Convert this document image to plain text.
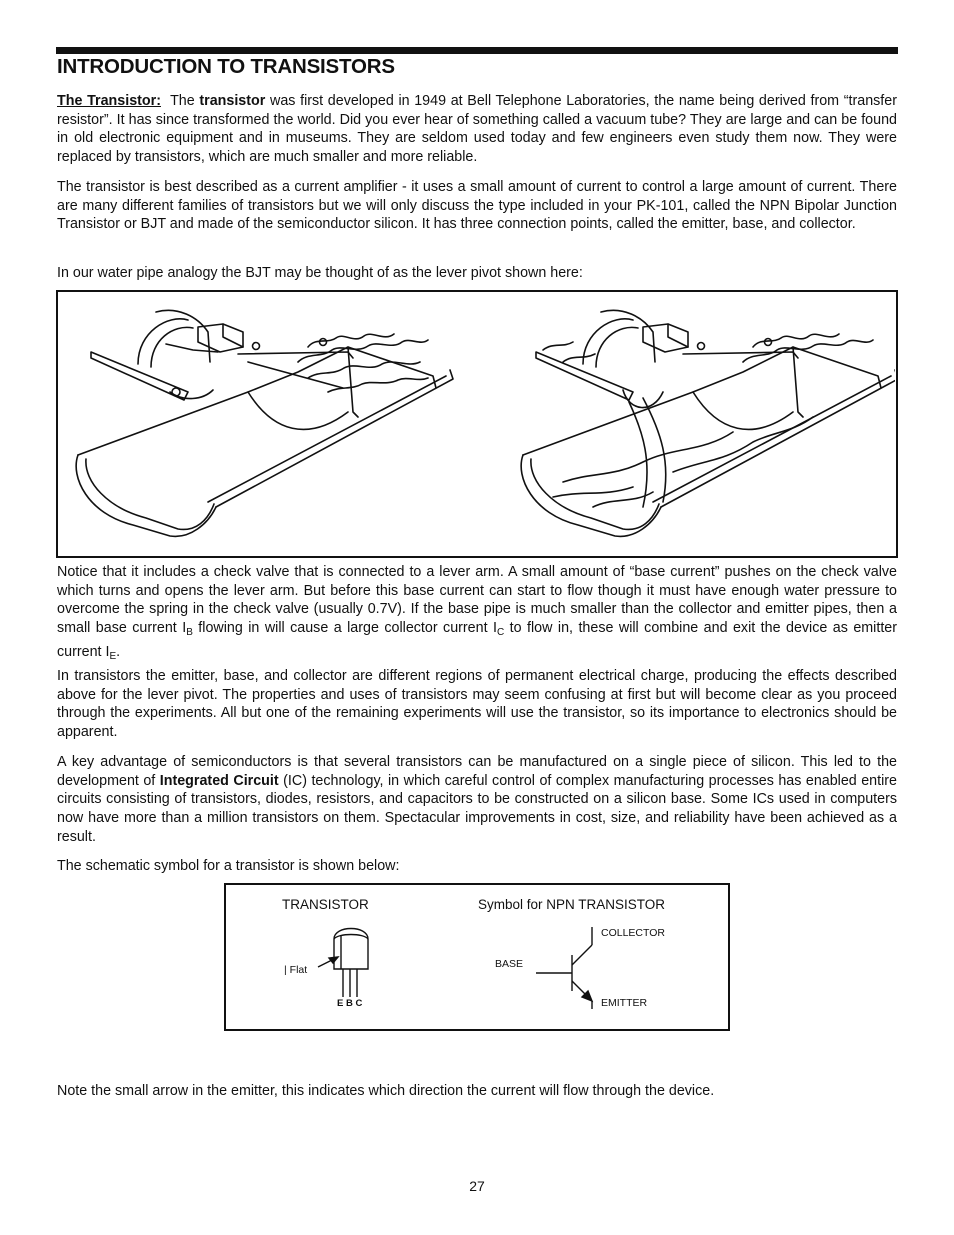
INTRODUCTION TO TRANSISTORS

The Transistor: The transistor was first developed in 1949 at Bell Telephone Laboratories, the name being derived from “transfer resistor”. It has since transformed the world. Did you ever hear of something called a vacuum tube? They are large and can be found in old electronic equipment and in museums. They are seldom used today and few engineers even study them now. They were replaced by transistors, which are much smaller and more reliable.

The transistor is best described as a current amplifier - it uses a small amount of current to control a large amount of current. There are many different families of transistors but we will only discuss the type included in your PK-101, called the NPN Bipolar Junction Transistor or BJT and made of the semiconductor silicon. It has three connection points, called the emitter, base, and collector.

In our water pipe analogy the BJT may be thought of as the lever pivot shown here:

Notice that it includes a check valve that is connected to a lever arm. A small amount of “base current” pushes on the check valve which turns and opens the lever arm. But before this base current can start to flow though it must have enough water pressure to overcome the spring in the check valve (usually 0.7V). If the base pipe is much smaller than the collector and emitter pipes, then a small base current $I_B$ flowing in will cause a large collector current $I_C$ to flow in, these will combine and exit the device as emitter current $I_E$.

In transistors the emitter, base, and collector are different regions of permanent electrical charge, producing the effects described above for the lever pivot. The properties and uses of transistors may seem confusing at first but will become clear as you proceed through the experiments. All but one of the remaining experiments will use the transistor, so its importance to electronics should be apparent.

A key advantage of semiconductors is that several transistors can be manufactured on a single piece of silicon. This led to the development of Integrated Circuit (IC) technology, in which careful control of complex manufacturing processes has enabled entire circuits consisting of transistors, diodes, resistors, and capacitors to be constructed on a silicon base. Some ICs used in computers now have more than a million transistors on them. Spectacular improvements in cost, size, and reliability have been achieved as a result.

The schematic symbol for a transistor is shown below:

TRANSISTOR	Symbol for NPN TRANSISTOR
| Flat
E B C
COLLECTOR
BASE
EMITTER

Note the small arrow in the emitter, this indicates which direction the current will flow through the device.

27
